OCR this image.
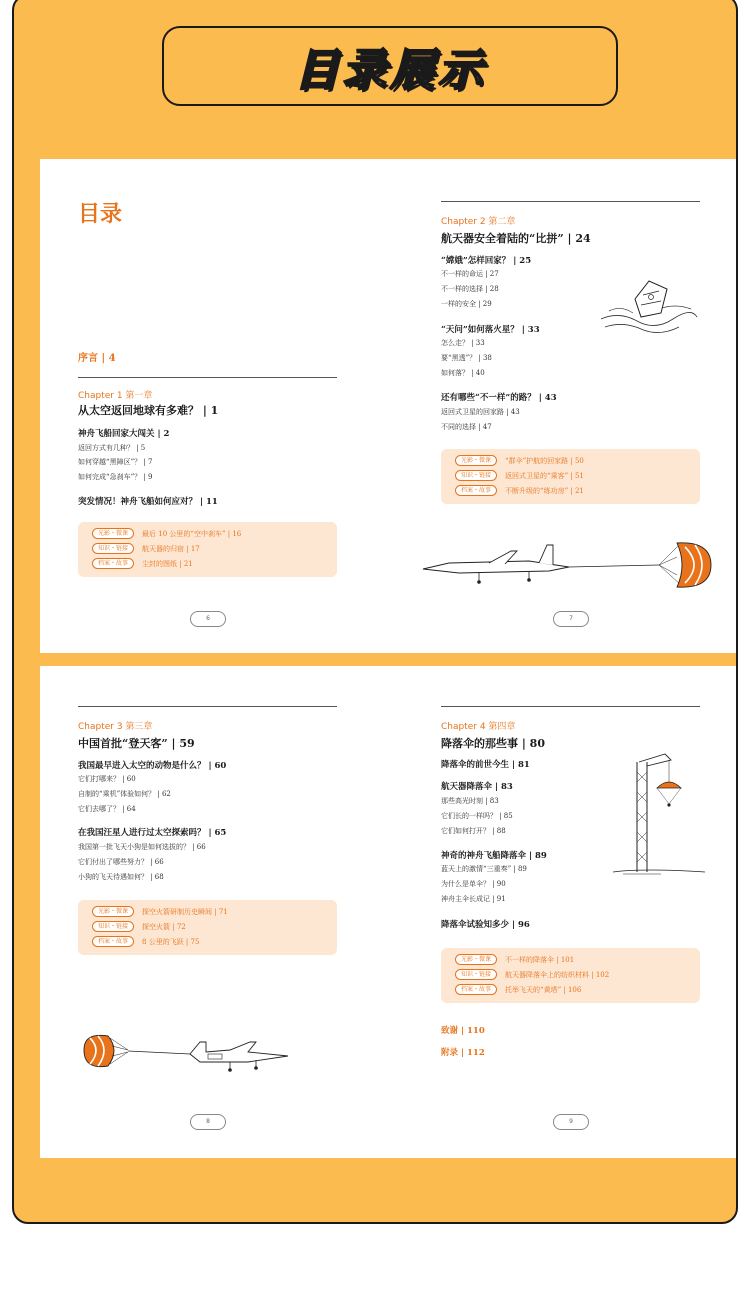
目录展示
目录
序言 | 4
Chapter 1 第一章
从太空返回地球有多难？ | 1
神舟飞船回家大闯关 | 2
返回方式有几种？ | 5
如何穿越“黑障区”？ | 7
如何完成“急刹车”？ | 9
突发情况！神舟飞船如何应对？ | 11
光影・微课	最后 10 公里的“空中刹车” | 16
知识・链接	航天器的归宿 | 17
档案・故事	尘封的图纸 | 21
6
Chapter 2 第二章
航天器安全着陆的“比拼” | 24
“嫦娥”怎样回家？ | 25
不一样的命运 | 27
不一样的选择 | 28
一样的安全 | 29
“天问”如何落火星？ | 33
怎么走？ | 33
要“黑透”？ | 38
如何落？ | 40
还有哪些“不一样”的路？ | 43
返回式卫星的回家路 | 43
不同的选择 | 47
光影・微课	“群伞”护航的回家路 | 50
知识・链接	返回式卫星的“乘客” | 51
档案・故事	不断升级的“练功房” | 21
7
Chapter 3 第三章
中国首批“登天客” | 59
我国最早进入太空的动物是什么？ | 60
它们打哪来？ | 60
自制的“乘机”体验如何？ | 62
它们去哪了？ | 64
在我国汪星人进行过太空探索吗？ | 65
我国第一批飞天小狗是如何选拔的？ | 66
它们付出了哪些努力？ | 66
小狗的飞天待遇如何？ | 68
光影・微课	探空火箭研制历史瞬间 | 71
知识・链接	探空火箭 | 72
档案・故事	8 公里的飞跃 | 75
8
Chapter 4 第四章
降落伞的那些事 | 80
降落伞的前世今生 | 81
航天器降落伞 | 83
那些高光时刻 | 83
它们长的一样吗？ | 85
它们如何打开？ | 88
神奇的神舟飞船降落伞 | 89
蓝天上的激情“三重奏” | 89
为什么是单伞？ | 90
神舟主伞长成记 | 91
降落伞试验知多少 | 96
光影・微课	不一样的降落伞 | 101
知识・链接	航天器降落伞上的纺织材料 | 102
档案・故事	托举飞天的“黄塔” | 106
致谢 | 110
附录 | 112
9
